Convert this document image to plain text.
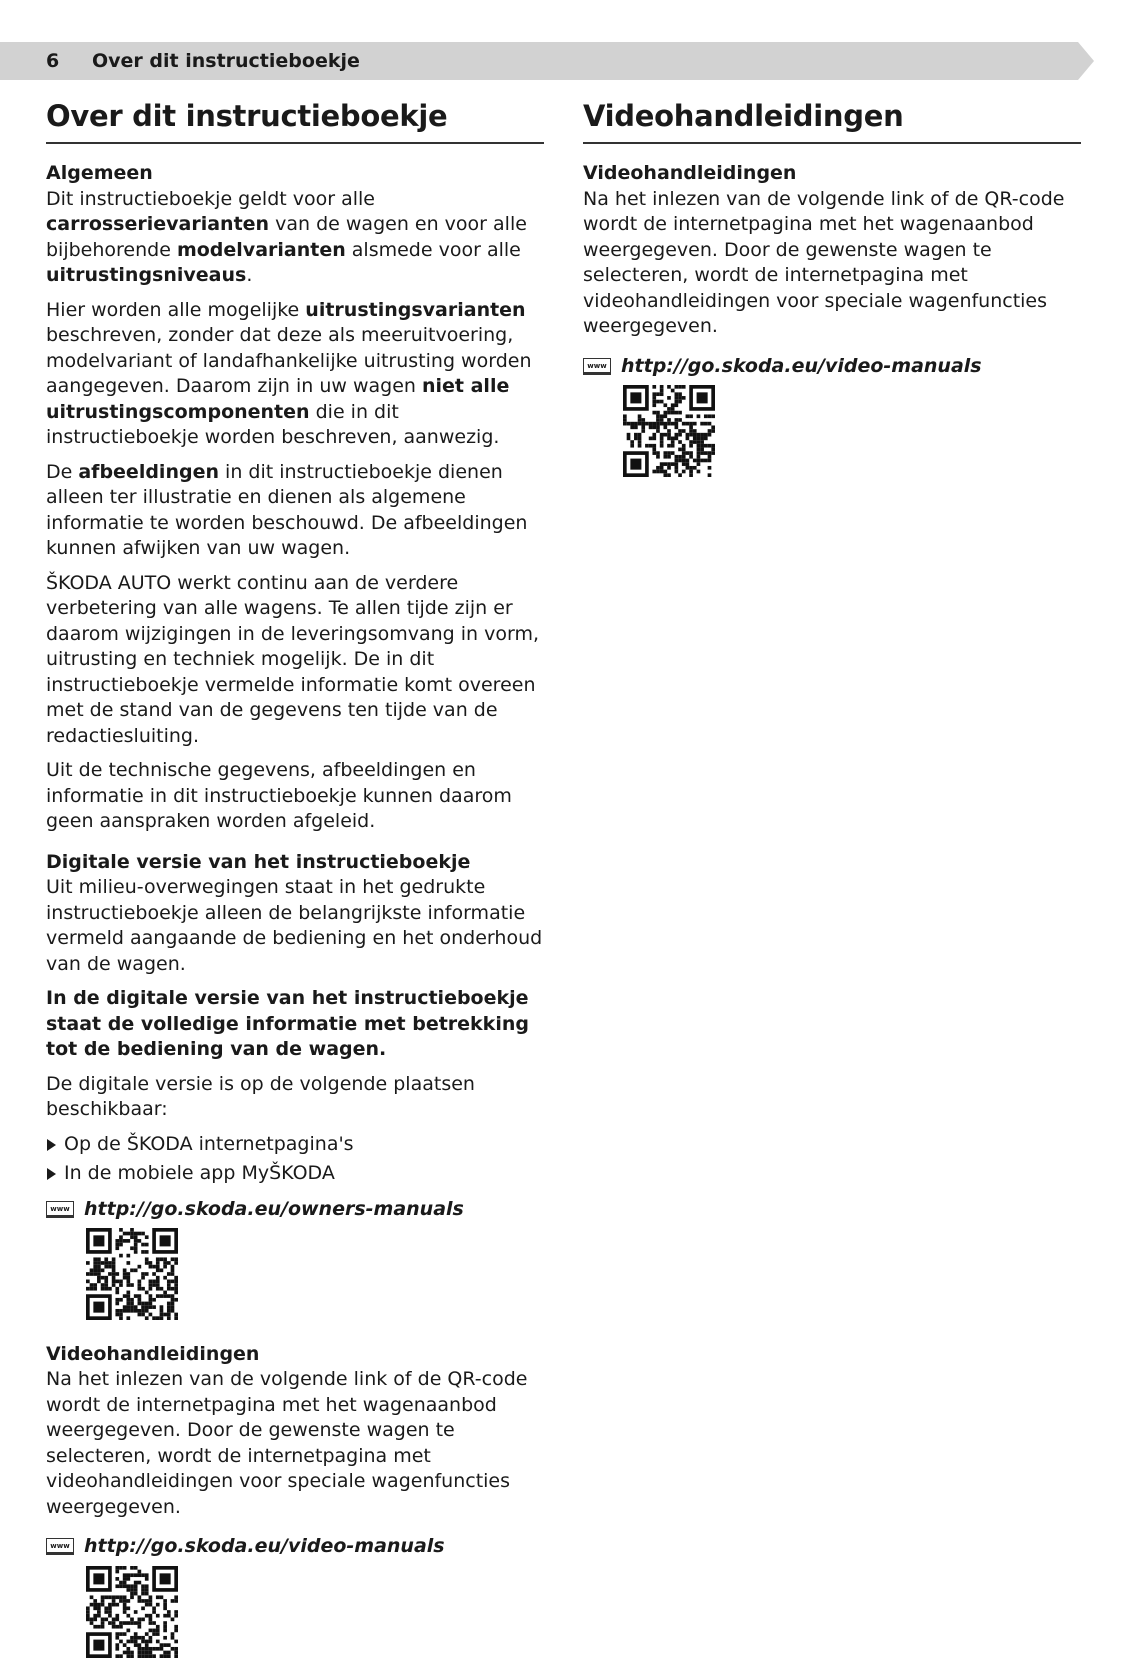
6 Over dit instructieboekje
Over dit instructieboekje
Algemeen

Dit instructieboekje geldt voor alle carrosserievarianten van de wagen en voor alle bijbehorende modelvarianten alsmede voor alle uitrustingsniveaus.

Hier worden alle mogelijke uitrustingsvarianten beschreven, zonder dat deze als meeruitvoering, modelvariant of landafhankelijke uitrusting worden aangegeven. Daarom zijn in uw wagen niet alle uitrustingscomponenten die in dit instructieboekje worden beschreven, aanwezig.

De afbeeldingen in dit instructieboekje dienen alleen ter illustratie en dienen als algemene informatie te worden beschouwd. De afbeeldingen kunnen afwijken van uw wagen.

ŠKODA AUTO werkt continu aan de verdere verbetering van alle wagens. Te allen tijde zijn er daarom wijzigingen in de leveringsomvang in vorm, uitrusting en techniek mogelijk. De in dit instructieboekje vermelde informatie komt overeen met de stand van de gegevens ten tijde van de redactiesluiting.

Uit de technische gegevens, afbeeldingen en informatie in dit instructieboekje kunnen daarom geen aanspraken worden afgeleid.

Digitale versie van het instructieboekje

Uit milieu-overwegingen staat in het gedrukte instructieboekje alleen de belangrijkste informatie vermeld aangaande de bediening en het onderhoud van de wagen.

In de digitale versie van het instructieboekje staat de volledige informatie met betrekking tot de bediening van de wagen.

De digitale versie is op de volgende plaatsen beschikbaar:

Op de ŠKODA internetpagina's
In de mobiele app MyŠKODA
www http://go.skoda.eu/owners-manuals
Videohandleidingen

Na het inlezen van de volgende link of de QR-code wordt de internetpagina met het wagenaanbod weergegeven. Door de gewenste wagen te selecteren, wordt de internetpagina met videohandleidingen voor speciale wagenfuncties weergegeven.

www http://go.skoda.eu/video-manuals
Videohandleidingen
Videohandleidingen

Na het inlezen van de volgende link of de QR-code wordt de internetpagina met het wagenaanbod weergegeven. Door de gewenste wagen te selecteren, wordt de internetpagina met videohandleidingen voor speciale wagenfuncties weergegeven.

www http://go.skoda.eu/video-manuals
